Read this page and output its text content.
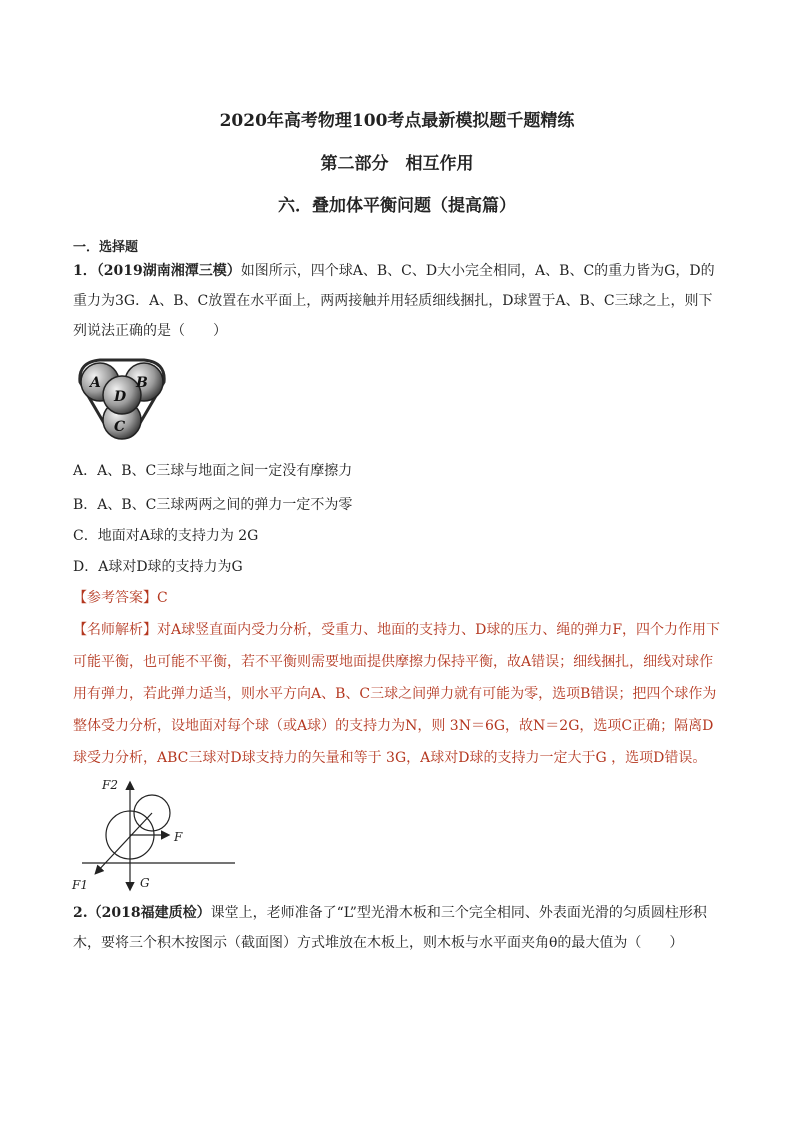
2020年高考物理100考点最新模拟题千题精练
第二部分　相互作用
六．叠加体平衡问题（提高篇）
一．选择题
1．（2019湖南湘潭三模）如图所示，四个球A、B、C、D大小完全相同，A、B、C的重力皆为G，D的重力为3G．A、B、C放置在水平面上，两两接触并用轻质细线捆扎，D球置于A、B、C三球之上，则下列说法正确的是（　　）
A	B
C
D
A．A、B、C三球与地面之间一定没有摩擦力
B．A、B、C三球两两之间的弹力一定不为零
C．地面对A球的支持力为 2G
D．A球对D球的支持力为G
【参考答案】C
【名师解析】对A球竖直面内受力分析，受重力、地面的支持力、D球的压力、绳的弹力F，四个力作用下可能平衡，也可能不平衡，若不平衡则需要地面提供摩擦力保持平衡，故A错误；细线捆扎，细线对球作用有弹力，若此弹力适当，则水平方向A、B、C三球之间弹力就有可能为零，选项B错误；把四个球作为整体受力分析，设地面对每个球（或A球）的支持力为N，则 3N＝6G，故N＝2G，选项C正确；隔离D球受力分析，ABC三球对D球支持力的矢量和等于 3G，A球对D球的支持力一定大于G ，选项D错误。
F2
F
F1	G
2.（2018福建质检）课堂上，老师准备了“L”型光滑木板和三个完全相同、外表面光滑的匀质圆柱形积木，要将三个积木按图示（截面图）方式堆放在木板上，则木板与水平面夹角θ的最大值为（　　）
